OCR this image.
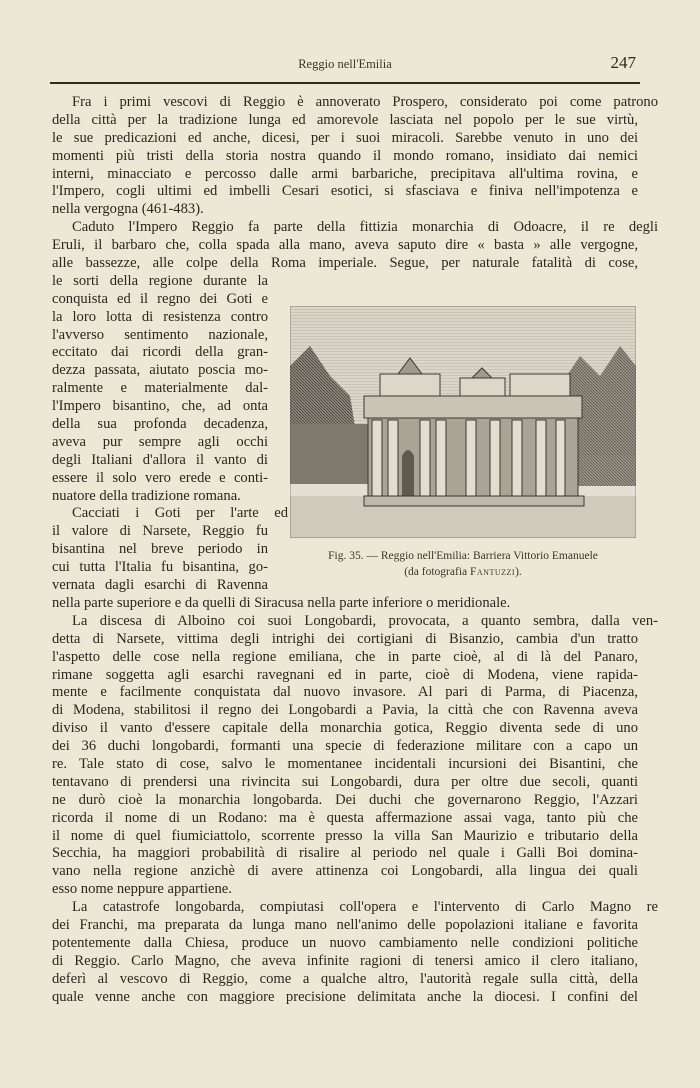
Reggio nell'Emilia	247
Fra i primi vescovi di Reggio è annoverato Prospero, considerato poi come patrono
della città per la tradizione lunga ed amorevole lasciata nel popolo per le sue virtù,
le sue predicazioni ed anche, dicesi, per i suoi miracoli. Sarebbe venuto in uno dei
momenti più tristi della storia nostra quando il mondo romano, insidiato dai nemici
interni, minacciato e percosso dalle armi barbariche, precipitava all'ultima rovina, e
l'Impero, cogli ultimi ed imbelli Cesari esotici, si sfasciava e finiva nell'impotenza e
nella vergogna (461-483).
Caduto l'Impero Reggio fa parte della fittizia monarchia di Odoacre, il re degli
Eruli, il barbaro che, colla spada alla mano, aveva saputo dire « basta » alle vergogne,
alle bassezze, alle colpe della Roma imperiale. Segue, per naturale fatalità di cose,
le sorti della regione durante la
conquista ed il regno dei Goti e
la loro lotta di resistenza contro
l'avverso sentimento nazionale,
eccitato dai ricordi della gran-
dezza passata, aiutato poscia mo-
ralmente e materialmente dal-
l'Impero bisantino, che, ad onta
della sua profonda decadenza,
aveva pur sempre agli occhi
degli Italiani d'allora il vanto di
essere il solo vero erede e conti-
nuatore della tradizione romana.
Cacciati i Goti per l'arte ed
il valore di Narsete, Reggio fu
bisantina nel breve periodo in
cui tutta l'Italia fu bisantina, go-
vernata dagli esarchi di Ravenna
nella parte superiore e da quelli di Siracusa nella parte inferiore o meridionale.
La discesa di Alboino coi suoi Longobardi, provocata, a quanto sembra, dalla ven-
detta di Narsete, vittima degli intrighi dei cortigiani di Bisanzio, cambia d'un tratto
l'aspetto delle cose nella regione emiliana, che in parte cioè, al di là del Panaro,
rimane soggetta agli esarchi ravegnani ed in parte, cioè di Modena, viene rapida-
mente e facilmente conquistata dal nuovo invasore. Al pari di Parma, di Piacenza,
di Modena, stabilitosi il regno dei Longobardi a Pavia, la città che con Ravenna aveva
diviso il vanto d'essere capitale della monarchia gotica, Reggio diventa sede di uno
dei 36 duchi longobardi, formanti una specie di federazione militare con a capo un
re. Tale stato di cose, salvo le momentanee incidentali incursioni dei Bisantini, che
tentavano di prendersi una rivincita sui Longobardi, dura per oltre due secoli, quanti
ne durò cioè la monarchia longobarda. Dei duchi che governarono Reggio, l'Azzari
ricorda il nome di un Rodano: ma è questa affermazione assai vaga, tanto più che
il nome di quel fiumiciattolo, scorrente presso la villa San Maurizio e tributario della
Secchia, ha maggiori probabilità di risalire al periodo nel quale i Galli Boi domina-
vano nella regione anzichè di avere attinenza coi Longobardi, alla lingua dei quali
esso nome neppure appartiene.
La catastrofe longobarda, compiutasi coll'opera e l'intervento di Carlo Magno re
dei Franchi, ma preparata da lunga mano nell'animo delle popolazioni italiane e favorita
potentemente dalla Chiesa, produce un nuovo cambiamento nelle condizioni politiche
di Reggio. Carlo Magno, che aveva infinite ragioni di tenersi amico il clero italiano,
deferì al vescovo di Reggio, come a qualche altro, l'autorità regale sulla città, della
quale venne anche con maggiore precisione delimitata anche la diocesi. I confini del
Fig. 35. — Reggio nell'Emilia: Barriera Vittorio Emanuele
(da fotografia Fantuzzi).
